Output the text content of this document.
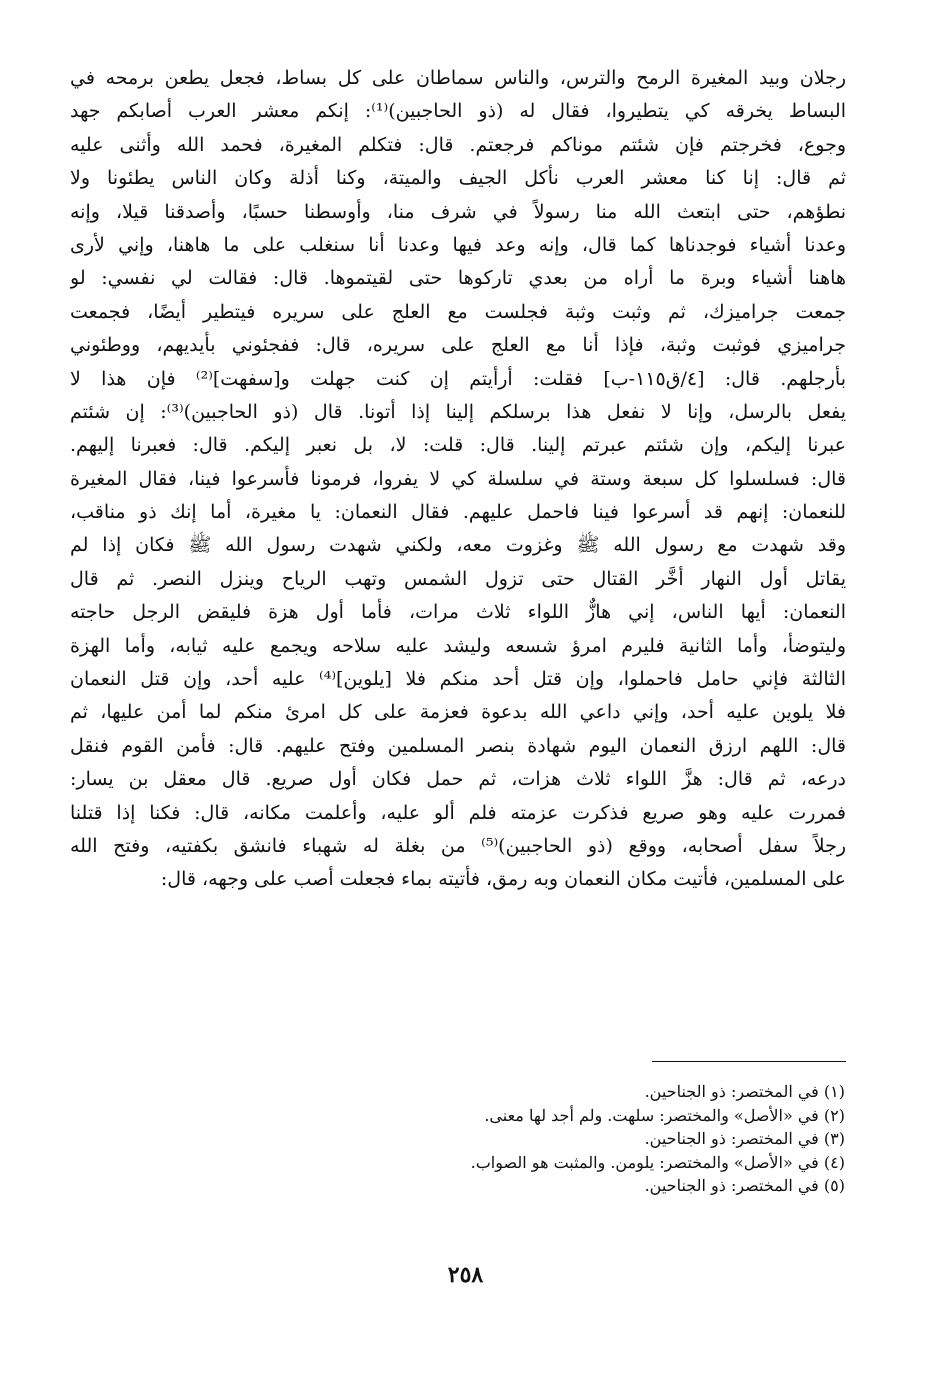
رجلان وبيد المغيرة الرمح والترس، والناس سماطان على كل بساط، فجعل يطعن برمحه في
البساط يخرقه كي يتطيروا، فقال له (ذو الحاجبين)⁽¹⁾: إنكم معشر العرب أصابكم جهد
وجوع، فخرجتم فإن شئتم موناكم فرجعتم. قال: فتكلم المغيرة، فحمد الله وأثنى عليه
ثم قال: إنا كنا معشر العرب نأكل الجيف والميتة، وكنا أذلة وكان الناس يطئونا ولا
نطؤهم، حتى ابتعث الله منا رسولاً في شرف منا، وأوسطنا حسبًا، وأصدقنا قيلا، وإنه
وعدنا أشياء فوجدناها كما قال، وإنه وعد فيها وعدنا أنا سنغلب على ما هاهنا، وإني لأرى
هاهنا أشياء وبرة ما أراه من بعدي تاركوها حتى لقيتموها. قال: فقالت لي نفسي: لو
جمعت جراميزك، ثم وثبت وثبة فجلست مع العلج على سريره فيتطير أيضًا، فجمعت
جراميزي فوثبت وثبة، فإذا أنا مع العلج على سريره، قال: ففجئوني بأيديهم، ووطئوني
بأرجلهم. قال: [٤/ق١١٥-ب] فقلت: أرأيتم إن كنت جهلت و[سفهت]⁽²⁾ فإن هذا لا
يفعل بالرسل، وإنا لا نفعل هذا برسلكم إلينا إذا أتونا. قال (ذو الحاجبين)⁽³⁾: إن شئتم
عبرنا إليكم، وإن شئتم عبرتم إلينا. قال: قلت: لا، بل نعبر إليكم. قال: فعبرنا إليهم.
قال: فسلسلوا كل سبعة وستة في سلسلة كي لا يفروا، فرمونا فأسرعوا فينا، فقال المغيرة
للنعمان: إنهم قد أسرعوا فينا فاحمل عليهم. فقال النعمان: يا مغيرة، أما إنك ذو مناقب،
وقد شهدت مع رسول الله ﷺ وغزوت معه، ولكني شهدت رسول الله ﷺ فكان إذا لم
يقاتل أول النهار أخَّر القتال حتى تزول الشمس وتهب الرياح وينزل النصر. ثم قال
النعمان: أيها الناس، إني هازٌّ اللواء ثلاث مرات، فأما أول هزة فليقض الرجل حاجته
وليتوضأ، وأما الثانية فليرم امرؤ شسعه وليشد عليه سلاحه ويجمع عليه ثيابه، وأما الهزة
الثالثة فإني حامل فاحملوا، وإن قتل أحد منكم فلا [يلوين]⁽⁴⁾ عليه أحد، وإن قتل النعمان
فلا يلوين عليه أحد، وإني داعي الله بدعوة فعزمة على كل امرئ منكم لما أمن عليها، ثم
قال: اللهم ارزق النعمان اليوم شهادة بنصر المسلمين وفتح عليهم. قال: فأمن القوم فنقل
درعه، ثم قال: هزَّ اللواء ثلاث هزات، ثم حمل فكان أول صريع. قال معقل بن يسار:
فمررت عليه وهو صريع فذكرت عزمته فلم ألو عليه، وأعلمت مكانه، قال: فكنا إذا قتلنا
رجلاً سفل أصحابه، ووقع (ذو الحاجبين)⁽⁵⁾ من بغلة له شهباء فانشق بكفتيه، وفتح الله
على المسلمين، فأتيت مكان النعمان وبه رمق، فأتيته بماء فجعلت أصب على وجهه، قال:
(١) في المختصر: ذو الجناحين.
(٢) في «الأصل» والمختصر: سلهت. ولم أجد لها معنى.
(٣) في المختصر: ذو الجناحين.
(٤) في «الأصل» والمختصر: يلومن. والمثبت هو الصواب.
(٥) في المختصر: ذو الجناحين.
٢٥٨
